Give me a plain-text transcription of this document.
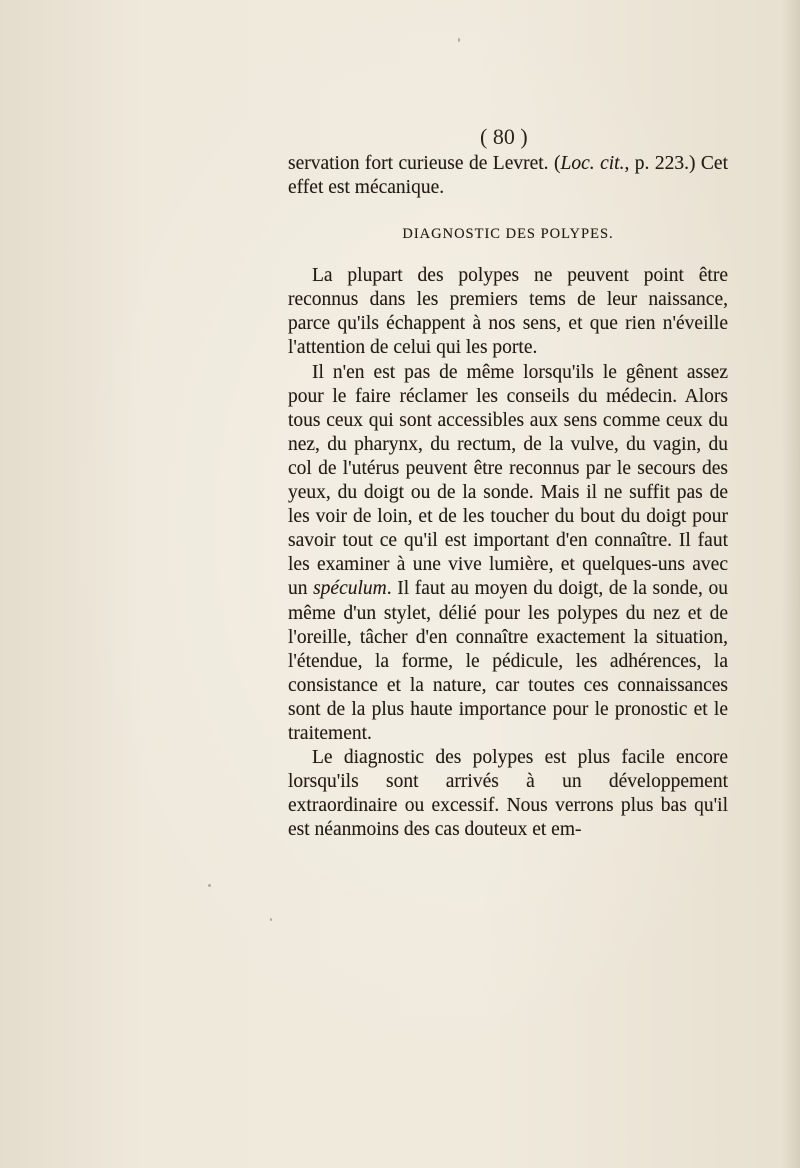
( 80 )

servation fort curieuse de Levret. (Loc. cit., p. 223.) Cet effet est mécanique.

DIAGNOSTIC DES POLYPES.

La plupart des polypes ne peuvent point être reconnus dans les premiers tems de leur naissance, parce qu'ils échappent à nos sens, et que rien n'éveille l'attention de celui qui les porte.

Il n'en est pas de même lorsqu'ils le gênent assez pour le faire réclamer les conseils du médecin. Alors tous ceux qui sont accessibles aux sens comme ceux du nez, du pharynx, du rectum, de la vulve, du vagin, du col de l'utérus peuvent être reconnus par le secours des yeux, du doigt ou de la sonde. Mais il ne suffit pas de les voir de loin, et de les toucher du bout du doigt pour savoir tout ce qu'il est important d'en connaître. Il faut les examiner à une vive lumière, et quelques-uns avec un spéculum. Il faut au moyen du doigt, de la sonde, ou même d'un stylet, délié pour les polypes du nez et de l'oreille, tâcher d'en connaître exactement la situation, l'étendue, la forme, le pédicule, les adhérences, la consistance et la nature, car toutes ces connaissances sont de la plus haute importance pour le pronostic et le traitement.

Le diagnostic des polypes est plus facile encore lorsqu'ils sont arrivés à un développement extraordinaire ou excessif. Nous verrons plus bas qu'il est néanmoins des cas douteux et em-
